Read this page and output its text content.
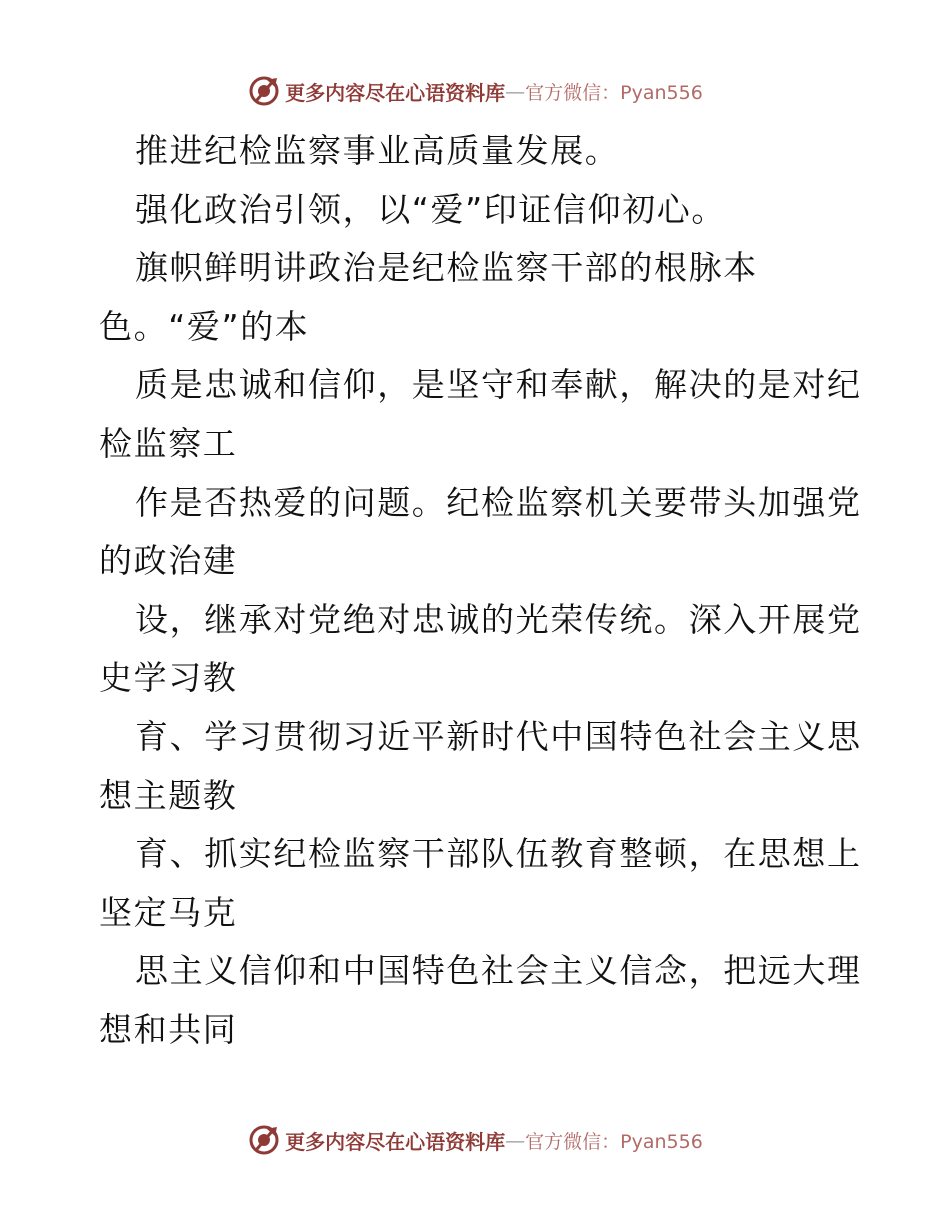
更多内容尽在心语资料库 — 官方微信：Pyan556
推进纪检监察事业高质量发展。
强化政治引领，以“爱”印证信仰初心。
旗帜鲜明讲政治是纪检监察干部的根脉本
色。“爱”的本
质是忠诚和信仰，是坚守和奉献，解决的是对纪
检监察工
作是否热爱的问题。纪检监察机关要带头加强党
的政治建
设，继承对党绝对忠诚的光荣传统。深入开展党
史学习教
育、学习贯彻习近平新时代中国特色社会主义思
想主题教
育、抓实纪检监察干部队伍教育整顿，在思想上
坚定马克
思主义信仰和中国特色社会主义信念，把远大理
想和共同
更多内容尽在心语资料库 — 官方微信：Pyan556
